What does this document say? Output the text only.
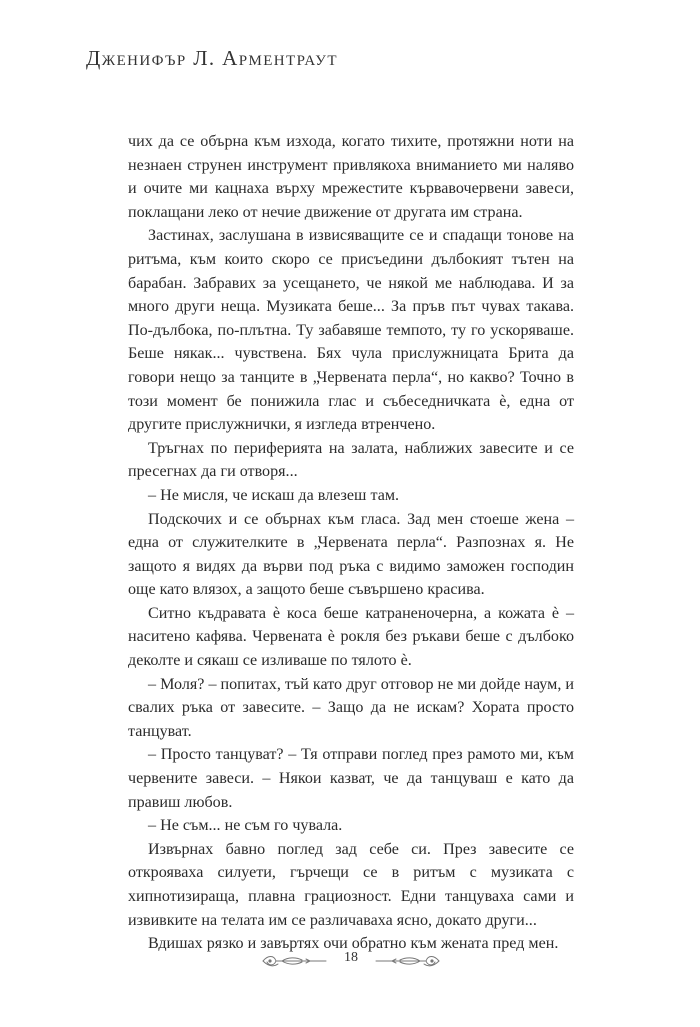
Дженифър Л. Арментраут

чих да се обърна към изхода, когато тихите, протяжни ноти на незнаен струнен инструмент привлякоха вниманието ми наляво и очите ми кацнаха върху мрежестите кървавочервени завеси, поклащани леко от нечие движение от другата им страна.

Застинах, заслушана в извисяващите се и спадащи тонове на ритъма, към които скоро се присъедини дълбокият тътен на барабан. Забравих за усещането, че някой ме наблюдава. И за много други неща. Музиката беше... За пръв път чувах такава. По-дълбока, по-плътна. Ту забавяше темпото, ту го ускоряваше. Беше някак... чувствена. Бях чула прислужницата Брита да говори нещо за танците в „Червената перла“, но какво? Точно в този момент бе понижила глас и събеседничката ѐ, една от другите прислужнички, я изгледа втренчено.

Тръгнах по периферията на залата, наближих завесите и се пресегнах да ги отворя...

– Не мисля, че искаш да влезеш там.

Подскочих и се обърнах към гласа. Зад мен стоеше жена – една от служителките в „Червената перла“. Разпознах я. Не защото я видях да върви под ръка с видимо заможен господин още като влязох, а защото беше съвършено красива.

Ситно къдравата ѐ коса беше катраненочерна, а кожата ѐ – наситено кафява. Червената ѐ рокля без ръкави беше с дълбоко деколте и сякаш се изливаше по тялото ѐ.

– Моля? – попитах, тъй като друг отговор не ми дойде наум, и свалих ръка от завесите. – Защо да не искам? Хората просто танцуват.

– Просто танцуват? – Тя отправи поглед през рамото ми, към червените завеси. – Някои казват, че да танцуваш е като да правиш любов.

– Не съм... не съм го чувала.

Извърнах бавно поглед зад себе си. През завесите се открояваха силуети, гърчещи се в ритъм с музиката с хипнотизираща, плавна грациозност. Едни танцуваха сами и извивките на телата им се различаваха ясно, докато други...

Вдишах рязко и завъртях очи обратно към жената пред мен.

18
